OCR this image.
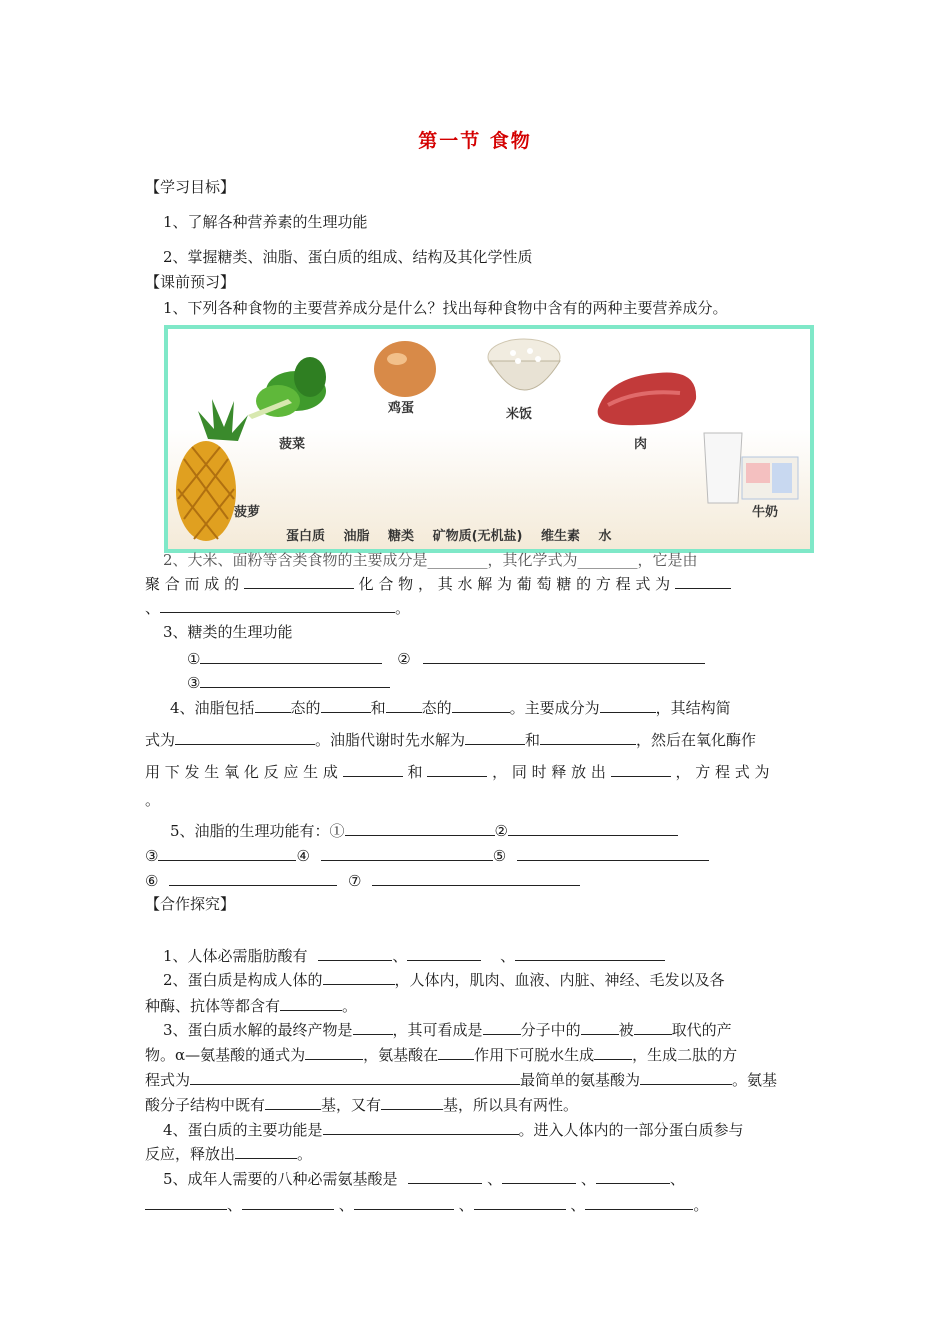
第一节 食物
【学习目标】
1、了解各种营养素的生理功能
2、掌握糖类、油脂、蛋白质的组成、结构及其化学性质
【课前预习】
1、下列各种食物的主要营养成分是什么？找出每种食物中含有的两种主要营养成分。
菠菜
鸡蛋	米饭
肉
菠萝	牛奶
蛋白质 油脂 糖类 矿物质(无机盐) 维生素 水
2、大米、面粉等含类食物的主要成分是________，其化学式为________，它是由
聚 合 而 成 的	化 合 物 ， 其 水 解 为 葡 萄 糖 的 方 程 式 为
、	。
3、糖类的生理功能
①	②
③
4、油脂包括 态的	和 态的	。主要成分为	，其结构简
式为	。油脂代谢时先水解为	和	，然后在氧化酶作
用 下 发 生 氧 化 反 应 生 成	和	， 同 时 释 放 出	， 方 程 式 为
。
5、油脂的生理功能有：①	②
③	④	⑤
⑥	⑦
【合作探究】
1、人体必需脂肪酸有	、	、
2、蛋白质是构成人体的	，人体内，肌肉、血液、内脏、神经、毛发以及各
种酶、抗体等都含有	。
3、蛋白质水解的最终产物是	，其可看成是	分子中的	被	取代的产
物。α—氨基酸的通式为	，氨基酸在 作用下可脱水生成	，生成二肽的方
程式为	最简单的氨基酸为	。氨基
酸分子结构中既有	基，又有	基，所以具有两性。
4、蛋白质的主要功能是	。进入人体内的一部分蛋白质参与
反应，释放出	。
5、成年人需要的八种必需氨基酸是	、	、	、
、	、	、	、	。
